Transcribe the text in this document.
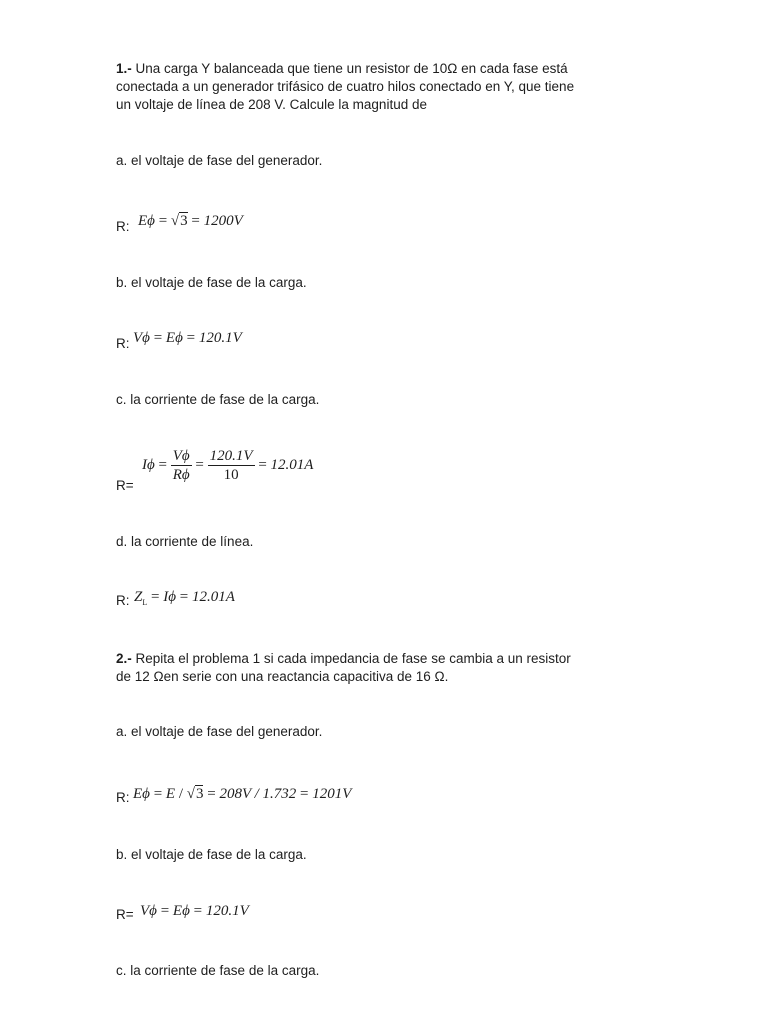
1.- Una carga Y balanceada que tiene un resistor de 10Ω en cada fase está
conectada a un generador trifásico de cuatro hilos conectado en Y, que tiene
un voltaje de línea de 208 V. Calcule la magnitud de
a. el voltaje de fase del generador.
R: Eϕ = √3 = 1200V
b. el voltaje de fase de la carga.
R: Vϕ = Eϕ = 120.1V
c. la corriente de fase de la carga.
R=
$I\phi = \frac{V\phi}{R\phi} = \frac{120.1V}{10} = 12.01A$
d. la corriente de línea.
R: $Z_L = I\phi = 12.01A$
2.- Repita el problema 1 si cada impedancia de fase se cambia a un resistor
de 12 Ωen serie con una reactancia capacitiva de 16 Ω.
a. el voltaje de fase del generador.
R: Eϕ = E / √3 = 208V / 1.732 = 1201V
b. el voltaje de fase de la carga.
R= Vϕ = Eϕ = 120.1V
c. la corriente de fase de la carga.
